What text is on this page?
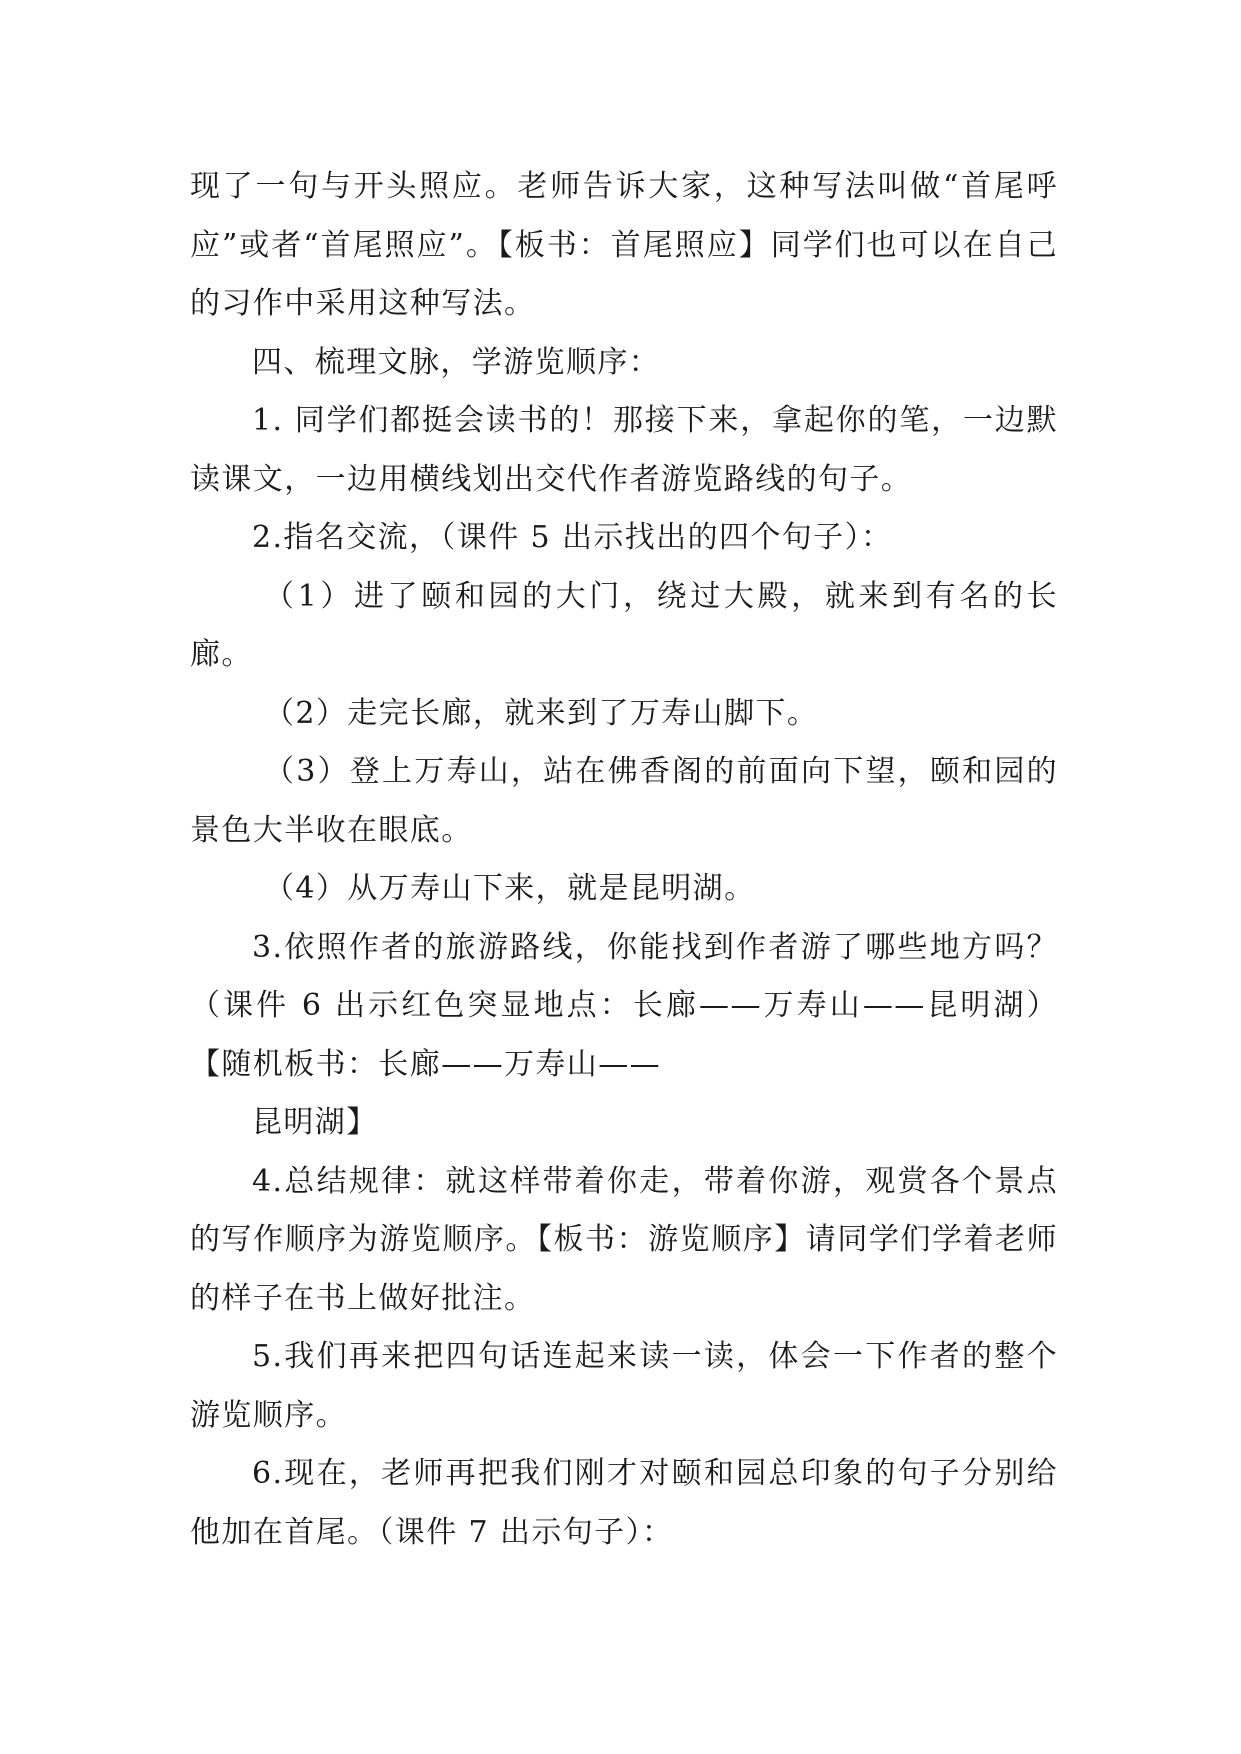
现了一句与开头照应。老师告诉大家，这种写法叫做“首尾呼应”或者“首尾照应”。【板书：首尾照应】同学们也可以在自己的习作中采用这种写法。

四、梳理文脉，学游览顺序：

1. 同学们都挺会读书的！那接下来，拿起你的笔，一边默读课文，一边用横线划出交代作者游览路线的句子。

2.指名交流，（课件 5 出示找出的四个句子）：

（1）进了颐和园的大门，绕过大殿，就来到有名的长廊。

（2）走完长廊，就来到了万寿山脚下。

（3）登上万寿山，站在佛香阁的前面向下望，颐和园的景色大半收在眼底。

（4）从万寿山下来，就是昆明湖。

3.依照作者的旅游路线，你能找到作者游了哪些地方吗？（课件 6 出示红色突显地点：长廊——万寿山——昆明湖）【随机板书：长廊——万寿山——

昆明湖】

4.总结规律：就这样带着你走，带着你游，观赏各个景点的写作顺序为游览顺序。【板书：游览顺序】请同学们学着老师的样子在书上做好批注。

5.我们再来把四句话连起来读一读，体会一下作者的整个游览顺序。

6.现在，老师再把我们刚才对颐和园总印象的句子分别给他加在首尾。（课件 7 出示句子）：
